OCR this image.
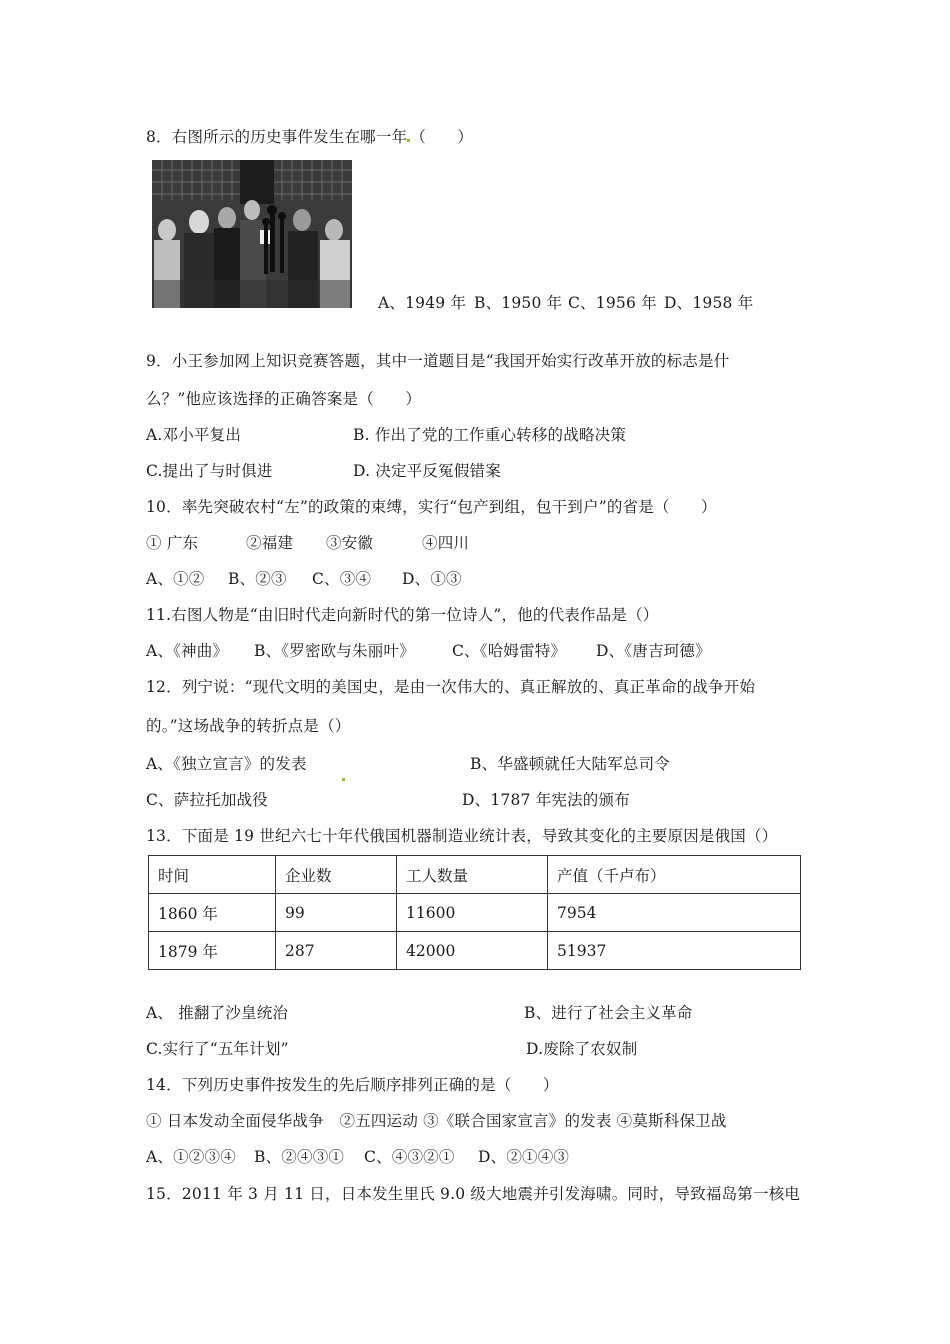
8．右图所示的历史事件发生在哪一年 （　　）
A、1949 年 B、1950 年 C、1956 年 D、1958 年
9．小王参加网上知识竞赛答题，其中一道题目是“我国开始实行改革开放的标志是什
么？”他应该选择的正确答案是（　　）
A.邓小平复出	B. 作出了党的工作重心转移的战略决策
C.提出了与时俱进	D. 决定平反冤假错案
10．率先突破农村“左”的政策的束缚，实行“包产到组，包干到户”的省是（　　）
① 广东	②福建 ③安徽	④四川
A、①② B、②③ C、③④ D、①③
11.右图人物是“由旧时代走向新时代的第一位诗人”，他的代表作品是（）
A、《神曲》 B、《罗密欧与朱丽叶》 C、《哈姆雷特》 D、《唐吉珂德》
12．列宁说：“现代文明的美国史，是由一次伟大的、真正解放的、真正革命的战争开始
的。”这场战争的转折点是（）
A、《独立宣言》的发表	B、华盛顿就任大陆军总司令
C、萨拉托加战役	D、1787 年宪法的颁布
13．下面是 19 世纪六七十年代俄国机器制造业统计表，导致其变化的主要原因是俄国（）
时间	企业数	工人数量	产值（千卢布）
1860 年	99	11600	7954
1879 年	287	42000	51937
A、 推翻了沙皇统治	B、进行了社会主义革命
C.实行了“五年计划”	D.废除了农奴制
14．下列历史事件按发生的先后顺序排列正确的是（　　）
① 日本发动全面侵华战争　②五四运动 ③《联合国家宣言》的发表 ④莫斯科保卫战
A、①②③④ B、②④③① C、④③②① D、②①④③
15．2011 年 3 月 11 日，日本发生里氏 9.0 级大地震并引发海啸。同时，导致福岛第一核电
